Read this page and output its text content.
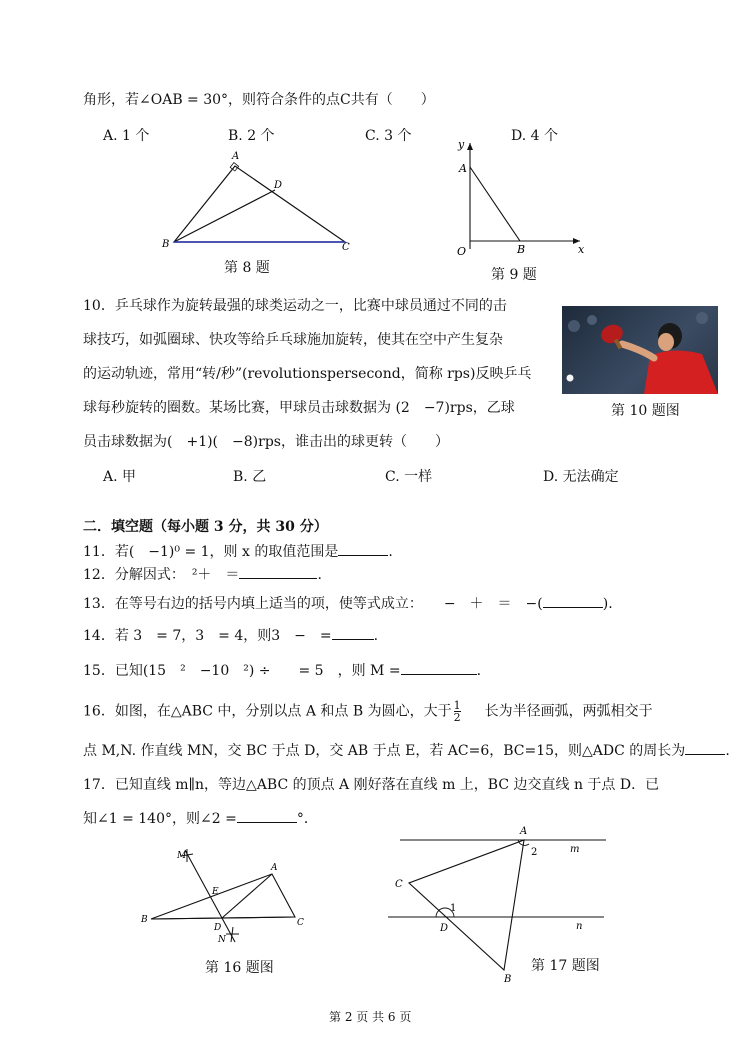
角形，若∠OAB = 30°，则符合条件的点C共有（　　）
A. 1 个	B. 2 个	C. 3 个	D. 4 个
A
D
B	C
第 8 题
y
x
A
O	B
第 9 题
10．乒乓球作为旋转最强的球类运动之一，比赛中球员通过不同的击
球技巧，如弧圈球、快攻等给乒乓球施加旋转，使其在空中产生复杂
的运动轨迹，常用“转/秒”(revolutionspersecond，简称 rps)反映乒乓
球每秒旋转的圈数。某场比赛，甲球员击球数据为 (2　−7)rps，乙球
员击球数据为(　+1)(　−8)rps，谁击出的球更转（　　）
第 10 题图
A. 甲	B. 乙	C. 一样	D. 无法确定
二．填空题（每小题 3 分，共 30 分）
11．若(　−1)⁰ = 1，则 x 的取值范围是	.
12．分解因式：　²＋　＝	.
13．在等号右边的括号内填上适当的项，使等式成立：　　−　＋　＝　−(	).
14．若 3　= 7，3　= 4，则3　−　=	.
15．已知(15　²　−10　²) ÷　　= 5　，则 M =	.
16．如图，在△ABC 中，分别以点 A 和点 B 为圆心，大于 $\frac{1}{2}$ 长为半径画弧，两弧相交于
点 M,N. 作直线 MN，交 BC 于点 D，交 AB 于点 E，若 AC=6，BC=15，则△ADC 的周长为	.
17．已知直线 m∥n，等边△ABC 的顶点 A 刚好落在直线 m 上，BC 边交直线 n 于点 D．已
知∠1 = 140°，则∠2 =	°．
M
A
E
B
D	C
N
第 16 题图
A
m
2
C
1
D	n
B
第 17 题图
第 2 页 共 6 页
